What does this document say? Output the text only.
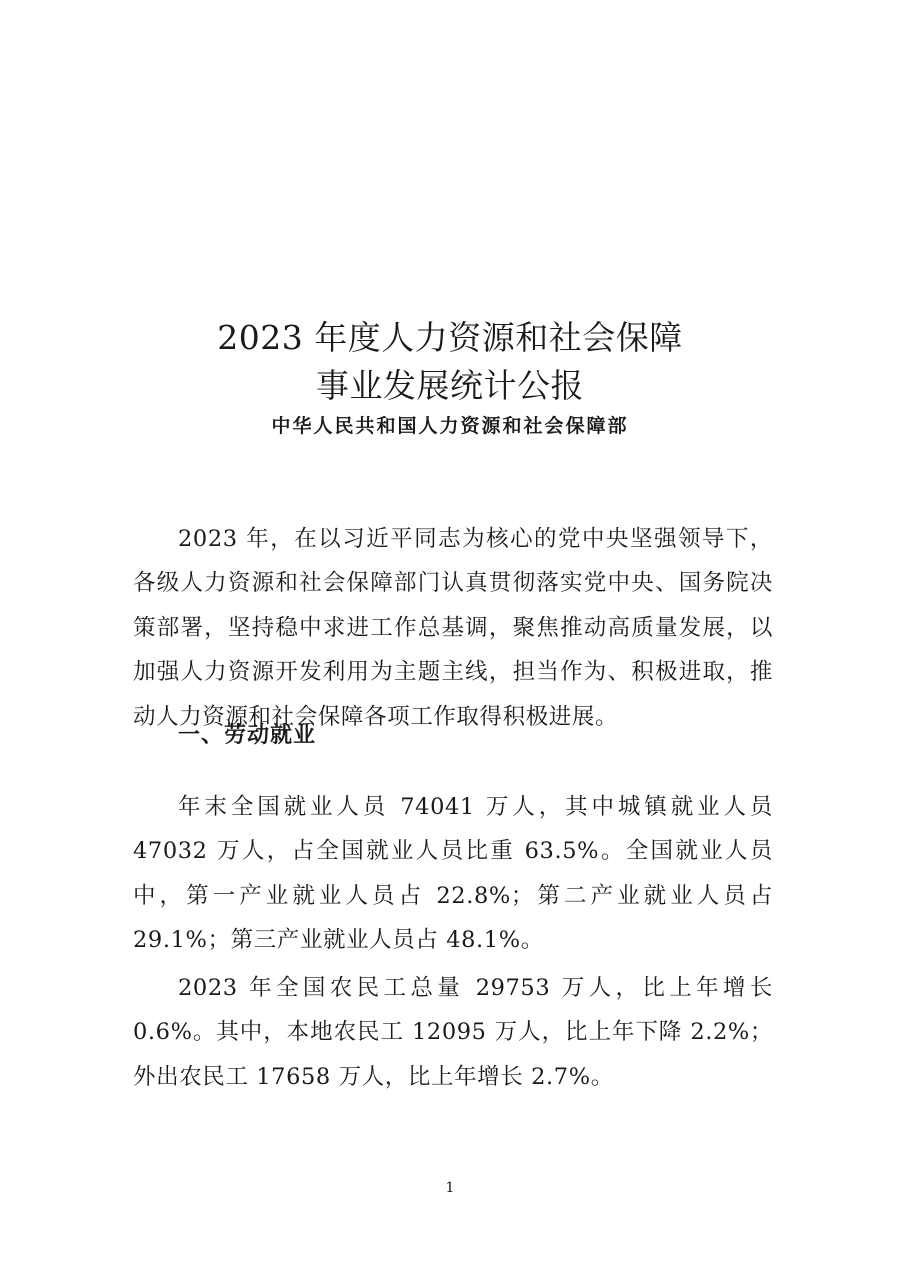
2023 年度人力资源和社会保障
事业发展统计公报
中华人民共和国人力资源和社会保障部

2023 年，在以习近平同志为核心的党中央坚强领导下，各级人力资源和社会保障部门认真贯彻落实党中央、国务院决策部署，坚持稳中求进工作总基调，聚焦推动高质量发展，以加强人力资源开发利用为主题主线，担当作为、积极进取，推动人力资源和社会保障各项工作取得积极进展。

一、劳动就业

年末全国就业人员 74041 万人，其中城镇就业人员 47032 万人，占全国就业人员比重 63.5%。全国就业人员中，第一产业就业人员占 22.8%；第二产业就业人员占 29.1%；第三产业就业人员占 48.1%。

2023 年全国农民工总量 29753 万人，比上年增长 0.6%。其中，本地农民工 12095 万人，比上年下降 2.2%；外出农民工 17658 万人，比上年增长 2.7%。

1
